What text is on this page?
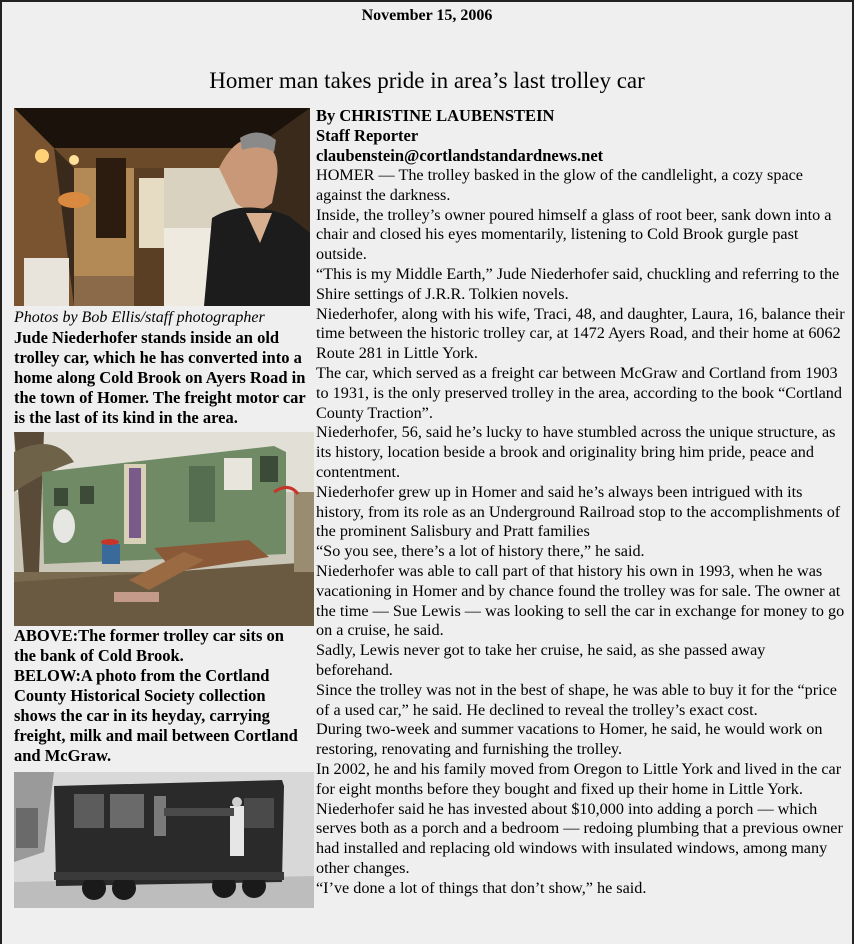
November 15, 2006
Homer man takes pride in area’s last trolley car
Photos by Bob Ellis/staff photographer
Jude Niederhofer stands inside an old trolley car, which he has converted into a home along Cold Brook on Ayers Road in the town of Homer. The freight motor car is the last of its kind in the area.
ABOVE:The former trolley car sits on the bank of Cold Brook.
BELOW:A photo from the Cortland County Historical Society collection shows the car in its heyday, carrying freight, milk and mail between Cortland and McGraw.
By CHRISTINE LAUBENSTEIN
Staff Reporter
claubenstein@cortlandstandardnews.net

HOMER — The trolley basked in the glow of the candlelight, a cozy space against the darkness.

Inside, the trolley’s owner poured himself a glass of root beer, sank down into a chair and closed his eyes momentarily, listening to Cold Brook gurgle past outside.

“This is my Middle Earth,” Jude Niederhofer said, chuckling and referring to the Shire settings of J.R.R. Tolkien novels.

Niederhofer, along with his wife, Traci, 48, and daughter, Laura, 16, balance their time between the historic trolley car, at 1472 Ayers Road, and their home at 6062 Route 281 in Little York.

The car, which served as a freight car between McGraw and Cortland from 1903 to 1931, is the only preserved trolley in the area, according to the book “Cortland County Traction”.

Niederhofer, 56, said he’s lucky to have stumbled across the unique structure, as its history, location beside a brook and originality bring him pride, peace and contentment.

Niederhofer grew up in Homer and said he’s always been intrigued with its history, from its role as an Underground Railroad stop to the accomplishments of the prominent Salisbury and Pratt families

“So you see, there’s a lot of history there,” he said.

Niederhofer was able to call part of that history his own in 1993, when he was vacationing in Homer and by chance found the trolley was for sale. The owner at the time — Sue Lewis — was looking to sell the car in exchange for money to go on a cruise, he said.

Sadly, Lewis never got to take her cruise, he said, as she passed away beforehand.

Since the trolley was not in the best of shape, he was able to buy it for the “price of a used car,” he said. He declined to reveal the trolley’s exact cost.

During two-week and summer vacations to Homer, he said, he would work on restoring, renovating and furnishing the trolley.

In 2002, he and his family moved from Oregon to Little York and lived in the car for eight months before they bought and fixed up their home in Little York.

Niederhofer said he has invested about $10,000 into adding a porch — which serves both as a porch and a bedroom — redoing plumbing that a previous owner had installed and replacing old windows with insulated windows, among many other changes.

“I’ve done a lot of things that don’t show,” he said.
